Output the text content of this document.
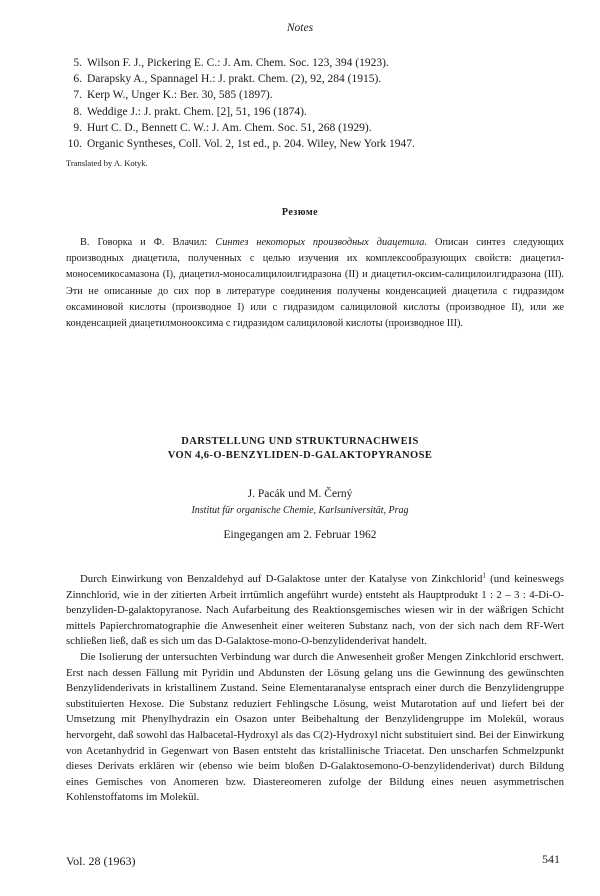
Notes
5. Wilson F. J., Pickering E. C.: J. Am. Chem. Soc. 123, 394 (1923).
6. Darapsky A., Spannagel H.: J. prakt. Chem. (2), 92, 284 (1915).
7. Kerp W., Unger K.: Ber. 30, 585 (1897).
8. Weddige J.: J. prakt. Chem. [2], 51, 196 (1874).
9. Hurt C. D., Bennett C. W.: J. Am. Chem. Soc. 51, 268 (1929).
10. Organic Syntheses, Coll. Vol. 2, 1st ed., p. 204. Wiley, New York 1947.
Translated by A. Kotyk.
Резюме
В. Говорка и Ф. Влачил: Синтез некоторых производных диацетила. Описан синтез следующих производных диацетила, полученных с целью изучения их комплексообразующих свойств: диацетил-моносемикосамазона (I), диацетил-моносалицилоилгидразона (II) и диацетил-оксим-салицилоилгидразона (III). Эти не описанные до сих пор в литературе соединения получены конденсацией диацетила с гидразидом оксаминовой кислоты (производное I) или с гидразидом салициловой кислоты (производное II), или же конденсацией диацетилмонооксима с гидразидом салициловой кислоты (производное III).
DARSTELLUNG UND STRUKTURNACHWEIS
VON 4,6-O-BENZYLIDEN-D-GALAKTOPYRANOSE
J. Pacák und M. Černý
Institut für organische Chemie, Karlsuniversität, Prag
Eingegangen am 2. Februar 1962

Durch Einwirkung von Benzaldehyd auf D-Galaktose unter der Katalyse von Zinkchlorid$^1$ (und keineswegs Zinnchlorid, wie in der zitierten Arbeit irrtümlich angeführt wurde) entsteht als Hauptprodukt 1 : 2 – 3 : 4-Di-O-benzyliden-D-galaktopyranose. Nach Aufarbeitung des Reaktionsgemisches wiesen wir in der wäßrigen Schicht mittels Papierchromatographie die Anwesenheit einer weiteren Substanz nach, von der sich nach dem RF-Wert schließen ließ, daß es sich um das D-Galaktose-mono-O-benzylidenderivat handelt.

Die Isolierung der untersuchten Verbindung war durch die Anwesenheit großer Mengen Zinkchlorid erschwert. Erst nach dessen Fällung mit Pyridin und Abdunsten der Lösung gelang uns die Gewinnung des gewünschten Benzylidenderivats in kristallinem Zustand. Seine Elementaranalyse entsprach einer durch die Benzylidengruppe substituierten Hexose. Die Substanz reduziert Fehlingsche Lösung, weist Mutarotation auf und liefert bei der Umsetzung mit Phenylhydrazin ein Osazon unter Beibehaltung der Benzylidengruppe im Molekül, woraus hervorgeht, daß sowohl das Halbacetal-Hydroxyl als das C(2)-Hydroxyl nicht substituiert sind. Bei der Einwirkung von Acetanhydrid in Gegenwart von Basen entsteht das kristallinische Triacetat. Den unscharfen Schmelzpunkt dieses Derivats erklären wir (ebenso wie beim bloßen D-Galaktosemono-O-benzylidenderivat) durch Bildung eines Gemisches von Anomeren bzw. Diastereomeren zufolge der Bildung eines neuen asymmetrischen Kohlenstoffatoms im Molekül.

Vol. 28 (1963)	541
